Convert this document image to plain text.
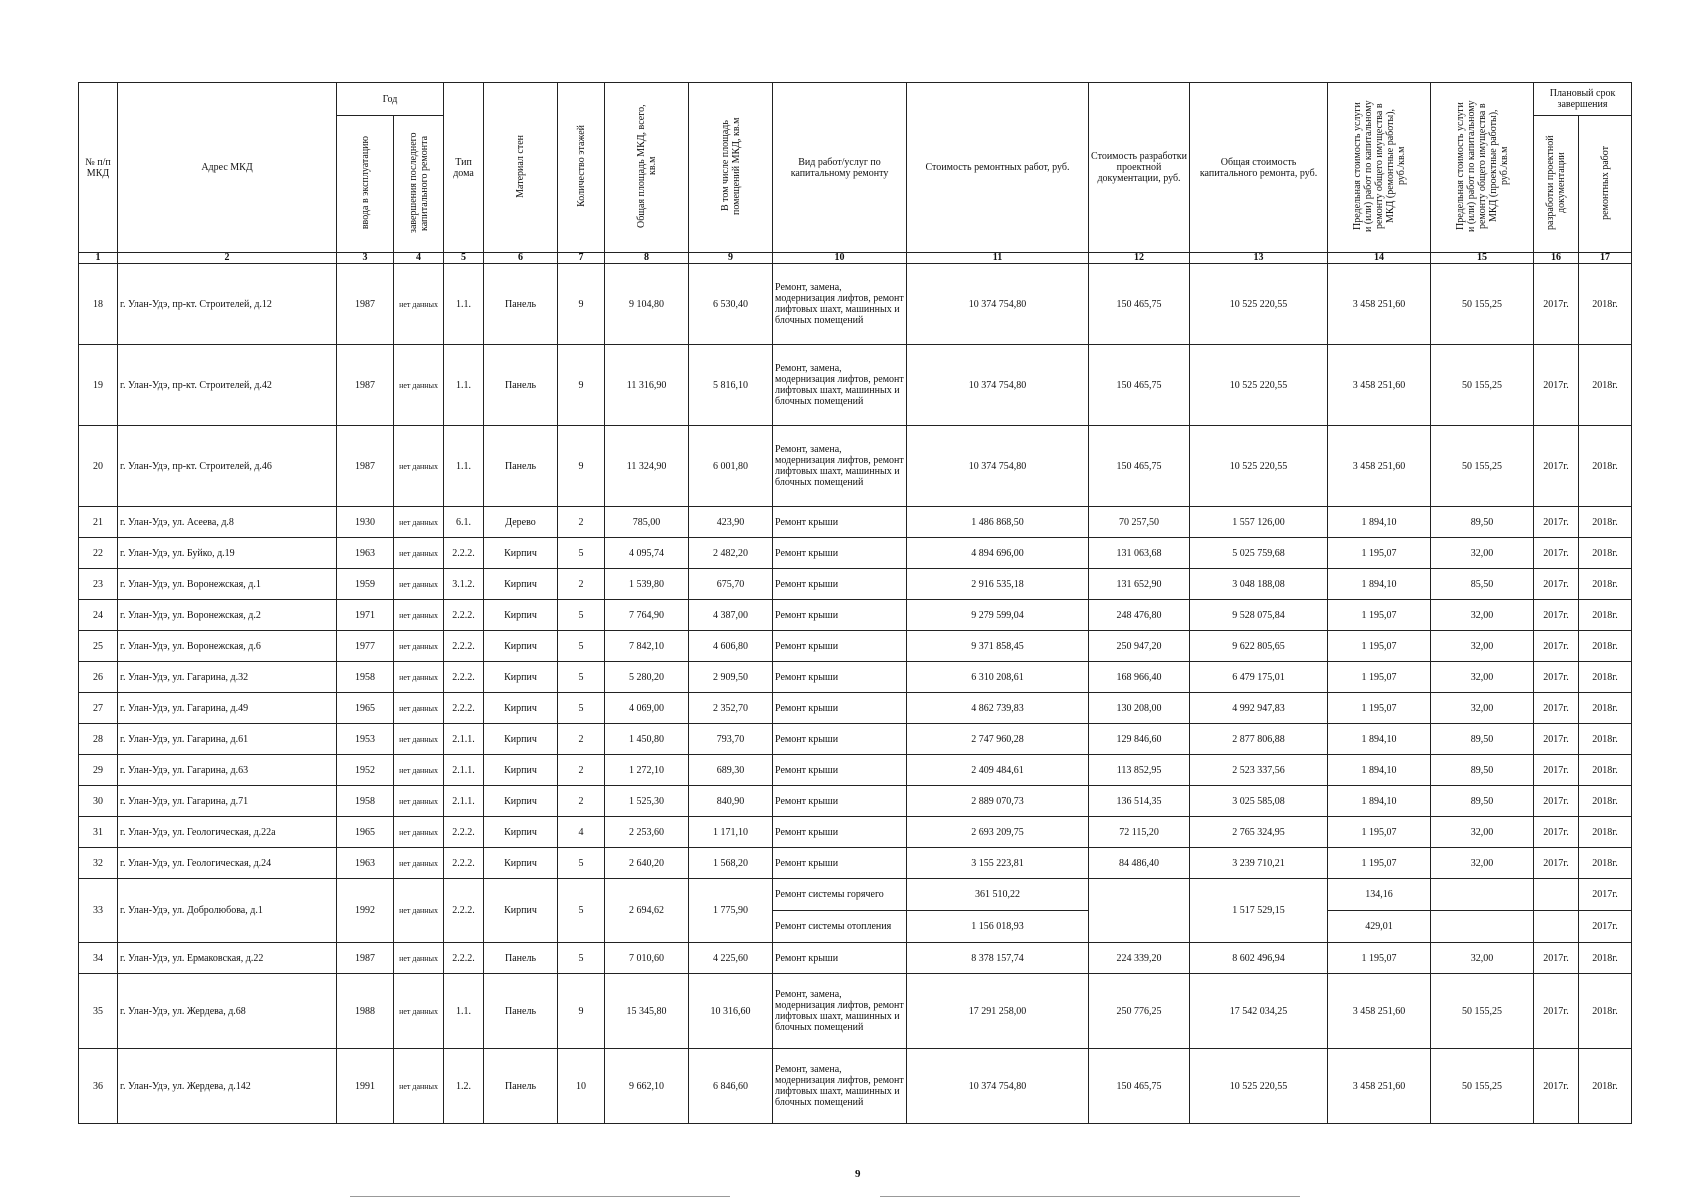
№ п/п МКД	Адрес МКД	Год		Тип дома	Материал стен	Количество этажей	Общая площадь МКД, всего, кв.м	В том числе площадь помещений МКД, кв.м	Вид работ/услуг по капитальному ремонту	Стоимость ремонтных работ, руб.	Стоимость разработки проектной документации, руб.	Общая стоимость капитального ремонта, руб.	Предельная стоимость услуги и (или) работ по капитальному ремонту общего имущества в МКД (ремонтные работы), руб./кв.м	Предельная стоимость услуги и (или) работ по капитальному ремонту общего имущества в МКД (проектные работы), руб./кв.м	Плановый срок завершения	
		ввода в эксплуатацию	завершения последнего капитального ремонта												разработки проектной документации	ремонтных работ
1	2	3	4	5	6	7	8	9	10	11	12	13	14	15	16	17
18	г. Улан-Удэ, пр-кт. Строителей, д.12	1987	нет данных	1.1.	Панель	9	9 104,80	6 530,40	Ремонт, замена, модернизация лифтов, ремонт лифтовых шахт, машинных и блочных помещений	10 374 754,80	150 465,75	10 525 220,55	3 458 251,60	50 155,25	2017г.	2018г.
19	г. Улан-Удэ, пр-кт. Строителей, д.42	1987	нет данных	1.1.	Панель	9	11 316,90	5 816,10	Ремонт, замена, модернизация лифтов, ремонт лифтовых шахт, машинных и блочных помещений	10 374 754,80	150 465,75	10 525 220,55	3 458 251,60	50 155,25	2017г.	2018г.
20	г. Улан-Удэ, пр-кт. Строителей, д.46	1987	нет данных	1.1.	Панель	9	11 324,90	6 001,80	Ремонт, замена, модернизация лифтов, ремонт лифтовых шахт, машинных и блочных помещений	10 374 754,80	150 465,75	10 525 220,55	3 458 251,60	50 155,25	2017г.	2018г.
21	г. Улан-Удэ, ул. Асеева, д.8	1930	нет данных	6.1.	Дерево	2	785,00	423,90	Ремонт крыши	1 486 868,50	70 257,50	1 557 126,00	1 894,10	89,50	2017г.	2018г.
22	г. Улан-Удэ, ул. Буйко, д.19	1963	нет данных	2.2.2.	Кирпич	5	4 095,74	2 482,20	Ремонт крыши	4 894 696,00	131 063,68	5 025 759,68	1 195,07	32,00	2017г.	2018г.
23	г. Улан-Удэ, ул. Воронежская, д.1	1959	нет данных	3.1.2.	Кирпич	2	1 539,80	675,70	Ремонт крыши	2 916 535,18	131 652,90	3 048 188,08	1 894,10	85,50	2017г.	2018г.
24	г. Улан-Удэ, ул. Воронежская, д.2	1971	нет данных	2.2.2.	Кирпич	5	7 764,90	4 387,00	Ремонт крыши	9 279 599,04	248 476,80	9 528 075,84	1 195,07	32,00	2017г.	2018г.
25	г. Улан-Удэ, ул. Воронежская, д.6	1977	нет данных	2.2.2.	Кирпич	5	7 842,10	4 606,80	Ремонт крыши	9 371 858,45	250 947,20	9 622 805,65	1 195,07	32,00	2017г.	2018г.
26	г. Улан-Удэ, ул. Гагарина, д.32	1958	нет данных	2.2.2.	Кирпич	5	5 280,20	2 909,50	Ремонт крыши	6 310 208,61	168 966,40	6 479 175,01	1 195,07	32,00	2017г.	2018г.
27	г. Улан-Удэ, ул. Гагарина, д.49	1965	нет данных	2.2.2.	Кирпич	5	4 069,00	2 352,70	Ремонт крыши	4 862 739,83	130 208,00	4 992 947,83	1 195,07	32,00	2017г.	2018г.
28	г. Улан-Удэ, ул. Гагарина, д.61	1953	нет данных	2.1.1.	Кирпич	2	1 450,80	793,70	Ремонт крыши	2 747 960,28	129 846,60	2 877 806,88	1 894,10	89,50	2017г.	2018г.
29	г. Улан-Удэ, ул. Гагарина, д.63	1952	нет данных	2.1.1.	Кирпич	2	1 272,10	689,30	Ремонт крыши	2 409 484,61	113 852,95	2 523 337,56	1 894,10	89,50	2017г.	2018г.
30	г. Улан-Удэ, ул. Гагарина, д.71	1958	нет данных	2.1.1.	Кирпич	2	1 525,30	840,90	Ремонт крыши	2 889 070,73	136 514,35	3 025 585,08	1 894,10	89,50	2017г.	2018г.
31	г. Улан-Удэ, ул. Геологическая, д.22а	1965	нет данных	2.2.2.	Кирпич	4	2 253,60	1 171,10	Ремонт крыши	2 693 209,75	72 115,20	2 765 324,95	1 195,07	32,00	2017г.	2018г.
32	г. Улан-Удэ, ул. Геологическая, д.24	1963	нет данных	2.2.2.	Кирпич	5	2 640,20	1 568,20	Ремонт крыши	3 155 223,81	84 486,40	3 239 710,21	1 195,07	32,00	2017г.	2018г.
33	г. Улан-Удэ, ул. Добролюбова, д.1	1992	нет данных	2.2.2.	Кирпич	5	2 694,62	1 775,90	Ремонт системы горячего	361 510,22		1 517 529,15	134,16			2017г.
									Ремонт системы отопления	1 156 018,93			429,01			2017г.
34	г. Улан-Удэ, ул. Ермаковская, д.22	1987	нет данных	2.2.2.	Панель	5	7 010,60	4 225,60	Ремонт крыши	8 378 157,74	224 339,20	8 602 496,94	1 195,07	32,00	2017г.	2018г.
35	г. Улан-Удэ, ул. Жердева, д.68	1988	нет данных	1.1.	Панель	9	15 345,80	10 316,60	Ремонт, замена, модернизация лифтов, ремонт лифтовых шахт, машинных и блочных помещений	17 291 258,00	250 776,25	17 542 034,25	3 458 251,60	50 155,25	2017г.	2018г.
36	г. Улан-Удэ, ул. Жердева, д.142	1991	нет данных	1.2.	Панель	10	9 662,10	6 846,60	Ремонт, замена, модернизация лифтов, ремонт лифтовых шахт, машинных и блочных помещений	10 374 754,80	150 465,75	10 525 220,55	3 458 251,60	50 155,25	2017г.	2018г.
9
